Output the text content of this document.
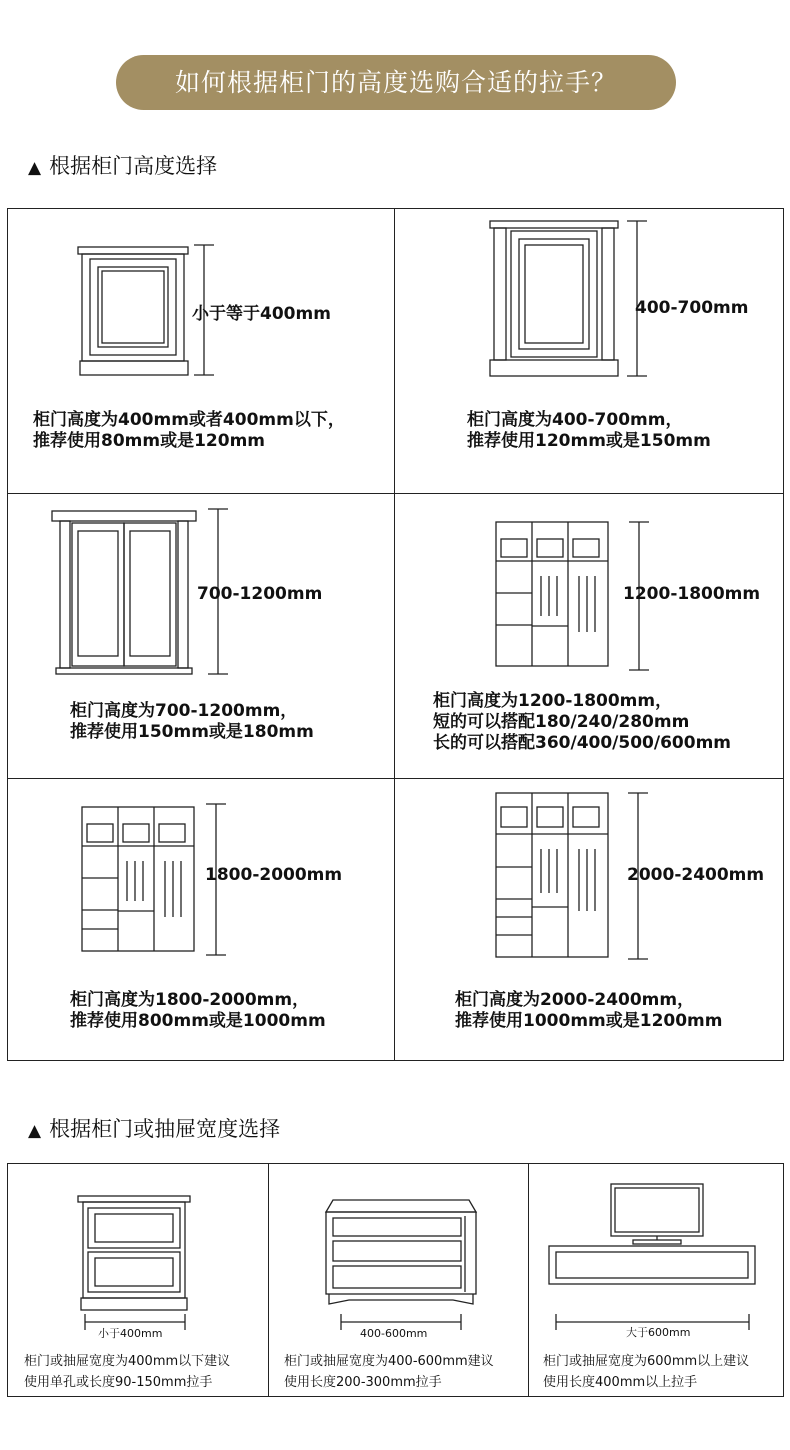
如何根据柜门的高度选购合适的拉手？
▲ 根据柜门高度选择
小于等于400mm
柜门高度为400mm或者400mm以下，
推荐使用80mm或是120mm
400-700mm
柜门高度为400-700mm，
推荐使用120mm或是150mm
700-1200mm
柜门高度为700-1200mm，
推荐使用150mm或是180mm
1200-1800mm
柜门高度为1200-1800mm，
短的可以搭配180/240/280mm
长的可以搭配360/400/500/600mm
1800-2000mm
柜门高度为1800-2000mm，
推荐使用800mm或是1000mm
2000-2400mm
柜门高度为2000-2400mm，
推荐使用1000mm或是1200mm
▲ 根据柜门或抽屉宽度选择
小于400mm
柜门或抽屉宽度为400mm以下建议
使用单孔或长度90-150mm拉手
400-600mm
柜门或抽屉宽度为400-600mm建议
使用长度200-300mm拉手
大于600mm
柜门或抽屉宽度为600mm以上建议
使用长度400mm以上拉手
